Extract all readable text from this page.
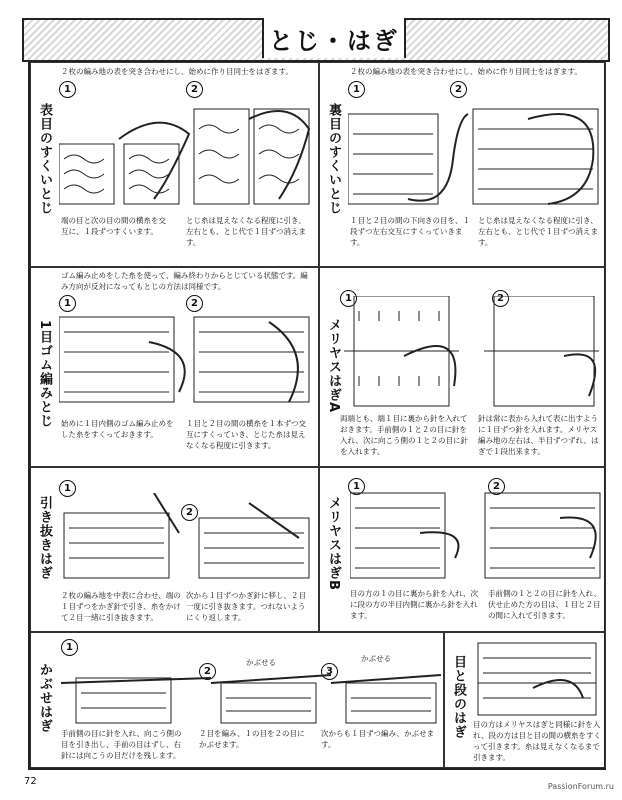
とじ・はぎ
表目のすくいとじ
２枚の編み地の表を突き合わせにし、始めに作り目同士をはぎます。
1	2
端の目と次の目の間の横糸を交互に、１段ずつすくいます。
とじ糸は見えなくなる程度に引き、左右とも、とじ代で１目ずつ消えます。
裏目のすくいとじ
２枚の編み地の表を突き合わせにし、始めに作り目同士をはぎます。
1	2
１目と２目の間の下向きの目を、１段ずつ左右交互にすくっていきます。
とじ糸は見えなくなる程度に引き、左右とも、とじ代で１目ずつ消えます。
1目ゴム編みとじ
ゴム編み止めをした糸を使って、編み終わりからとじている状態です。編み方向が反対になってもとじの方法は同様です。
1	2
始めに１目内側のゴム編み止めをした糸をすくっておきます。
１目と２目の間の横糸を１本ずつ交互にすくっていき、とじた糸は見えなくなる程度に引きます。
メリヤスはぎA
1	2
両端とも、端１目に裏から針を入れておきます。手前側の１と２の目に針を入れ、次に向こう側の１と２の目に針を入れます。
針は常に表から入れて表に出すように１目ずつ針を入れます。メリヤス編み地の左右は、半目ずつずれ、はぎで１段出来ます。
引き抜きはぎ
1
2
２枚の編み地を中表に合わせ、端の１目ずつをかぎ針で引き、糸をかけて２目一緒に引き抜きます。
次から１目ずつかぎ針に移し、２目一度に引き抜きます。つれないようにくり返します。
メリヤスはぎB
1	2
目の方の１の目に裏から針を入れ、次に段の方の半目内側に裏から針を入れます。
手前側の１と２の目に針を入れ、伏せ止めた方の目は、１目と２目の間に入れて引きます。
かぶせはぎ
1
2	3
かぶせる	かぶせる
手前側の目に針を入れ、向こう側の目を引き出し、手前の目はずし、右針には向こうの目だけを残します。
２目を編み、１の目を２の目にかぶせます。
次からも１目ずつ編み、かぶせます。
目と段のはぎ 目の方はメリヤスはぎと同様に針を入れ、段の方は目と目の間の横糸をすくって引きます。糸は見えなくなるまで引きます。
72	PassionForum.ru
